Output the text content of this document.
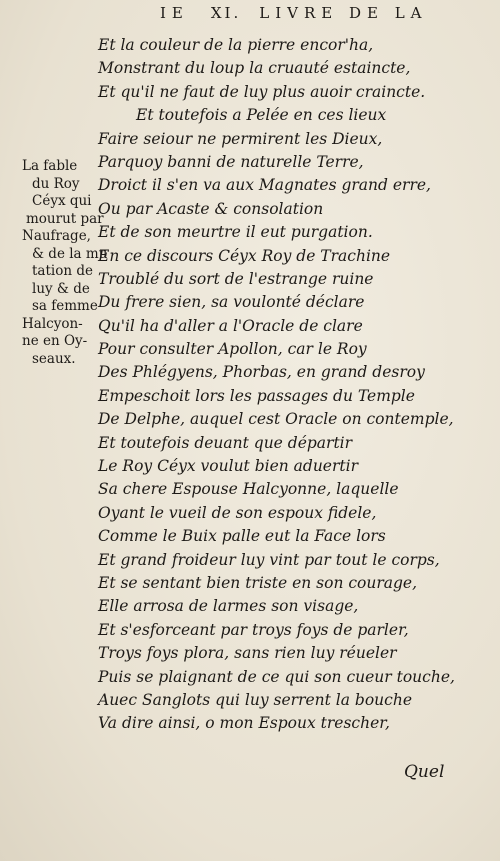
IE XI. LIVRE DE LA
La fable
du Roy
Céyx qui
mourut par
Naufrage,
& de la mu
tation de
luy & de
sa femme
Halcyon-
ne en Oy-
seaux.
Et la couleur de la pierre encor'ha,
Monstrant du loup la cruauté estaincte,
Et qu'il ne faut de luy plus auoir craincte.
Et toutefois a Pelée en ces lieux
Faire seiour ne permirent les Dieux,
Parquoy banni de naturelle Terre,
Droict il s'en va aux Magnates grand erre,
Ou par Acaste & consolation
Et de son meurtre il eut purgation.
En ce discours Céyx Roy de Trachine
Troublé du sort de l'estrange ruine
Du frere sien, sa voulonté déclare
Qu'il ha d'aller a l'Oracle de clare
Pour consulter Apollon, car le Roy
Des Phlégyens, Phorbas, en grand desroy
Empeschoit lors les passages du Temple
De Delphe, auquel cest Oracle on contemple,
Et toutefois deuant que départir
Le Roy Céyx voulut bien aduertir
Sa chere Espouse Halcyonne, laquelle
Oyant le vueil de son espoux fidele,
Comme le Buix palle eut la Face lors
Et grand froideur luy vint par tout le corps,
Et se sentant bien triste en son courage,
Elle arrosa de larmes son visage,
Et s'esforceant par troys foys de parler,
Troys foys plora, sans rien luy réueler
Puis se plaignant de ce qui son cueur touche,
Auec Sanglots qui luy serrent la bouche
Va dire ainsi, o mon Espoux trescher,
Quel
